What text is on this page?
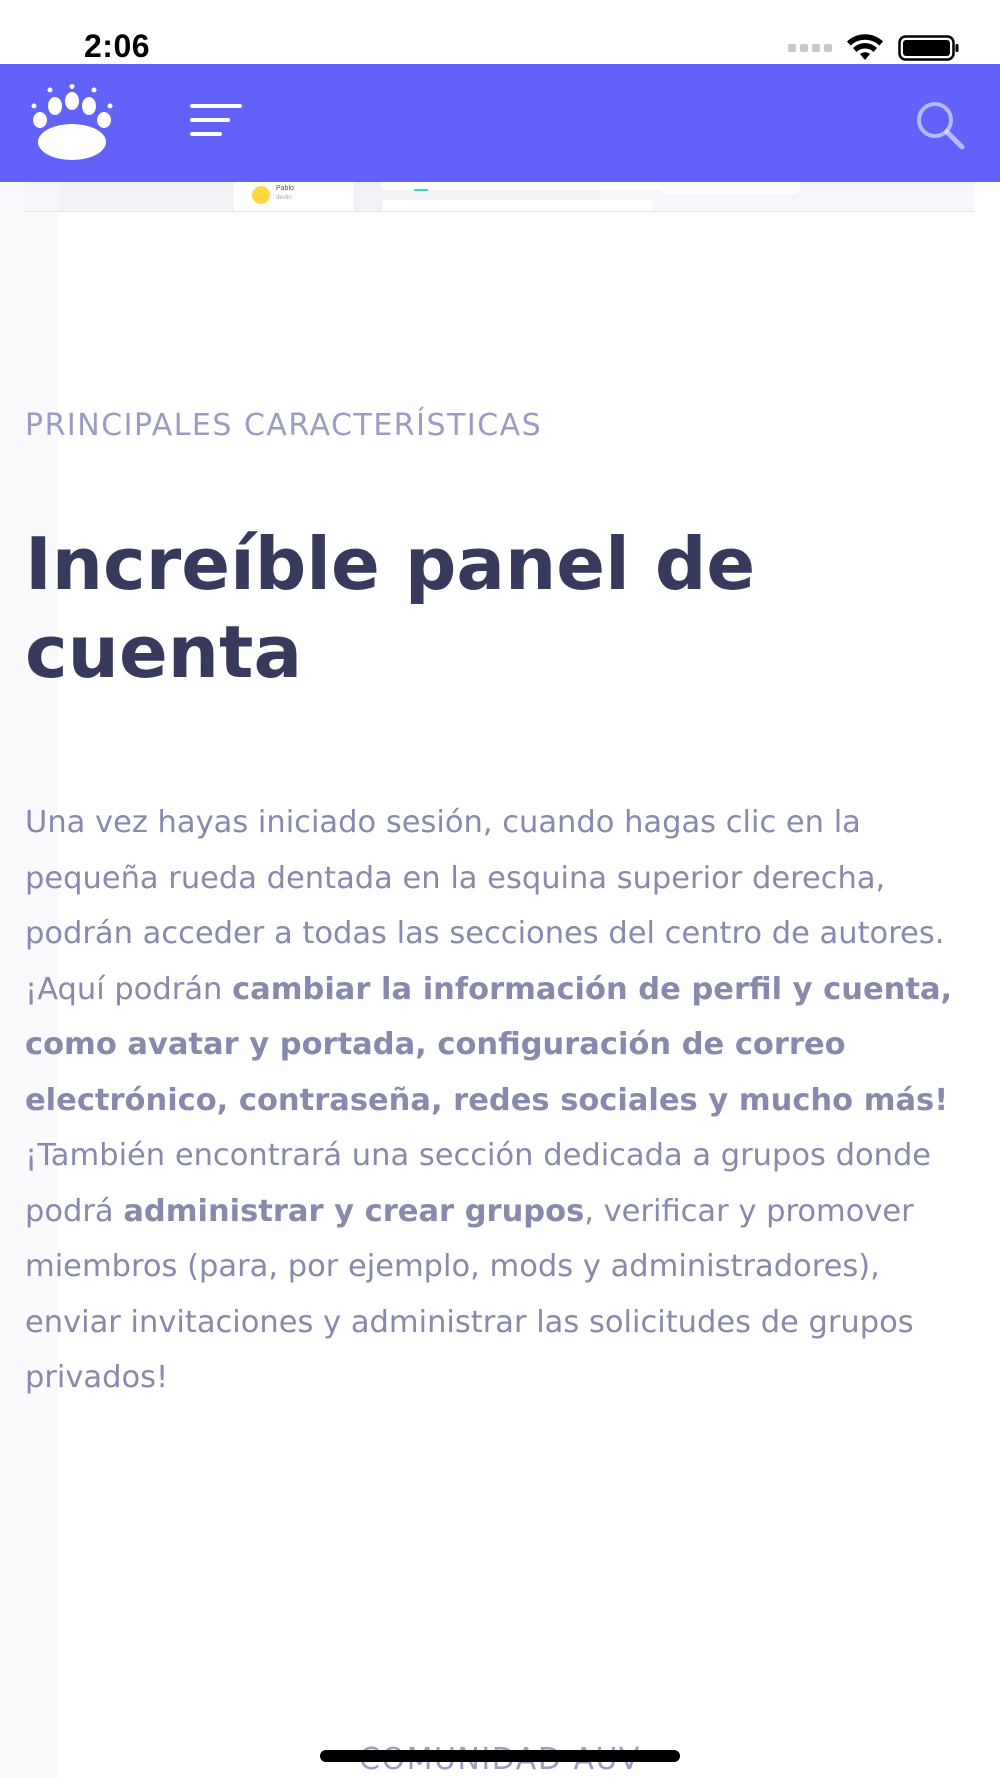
2:06
Pablo
devlin
PRINCIPALES CARACTERÍSTICAS
Increíble panel de cuenta

Una vez hayas iniciado sesión, cuando hagas clic en la pequeña rueda dentada en la esquina superior derecha, podrán acceder a todas las secciones del centro de autores. ¡Aquí podrán cambiar la información de perfil y cuenta, como avatar y portada, configuración de correo electrónico, contraseña, redes sociales y mucho más!
¡También encontrará una sección dedicada a grupos donde podrá administrar y crear grupos, verificar y promover miembros (para, por ejemplo, mods y administradores), enviar invitaciones y administrar las solicitudes de grupos privados!
